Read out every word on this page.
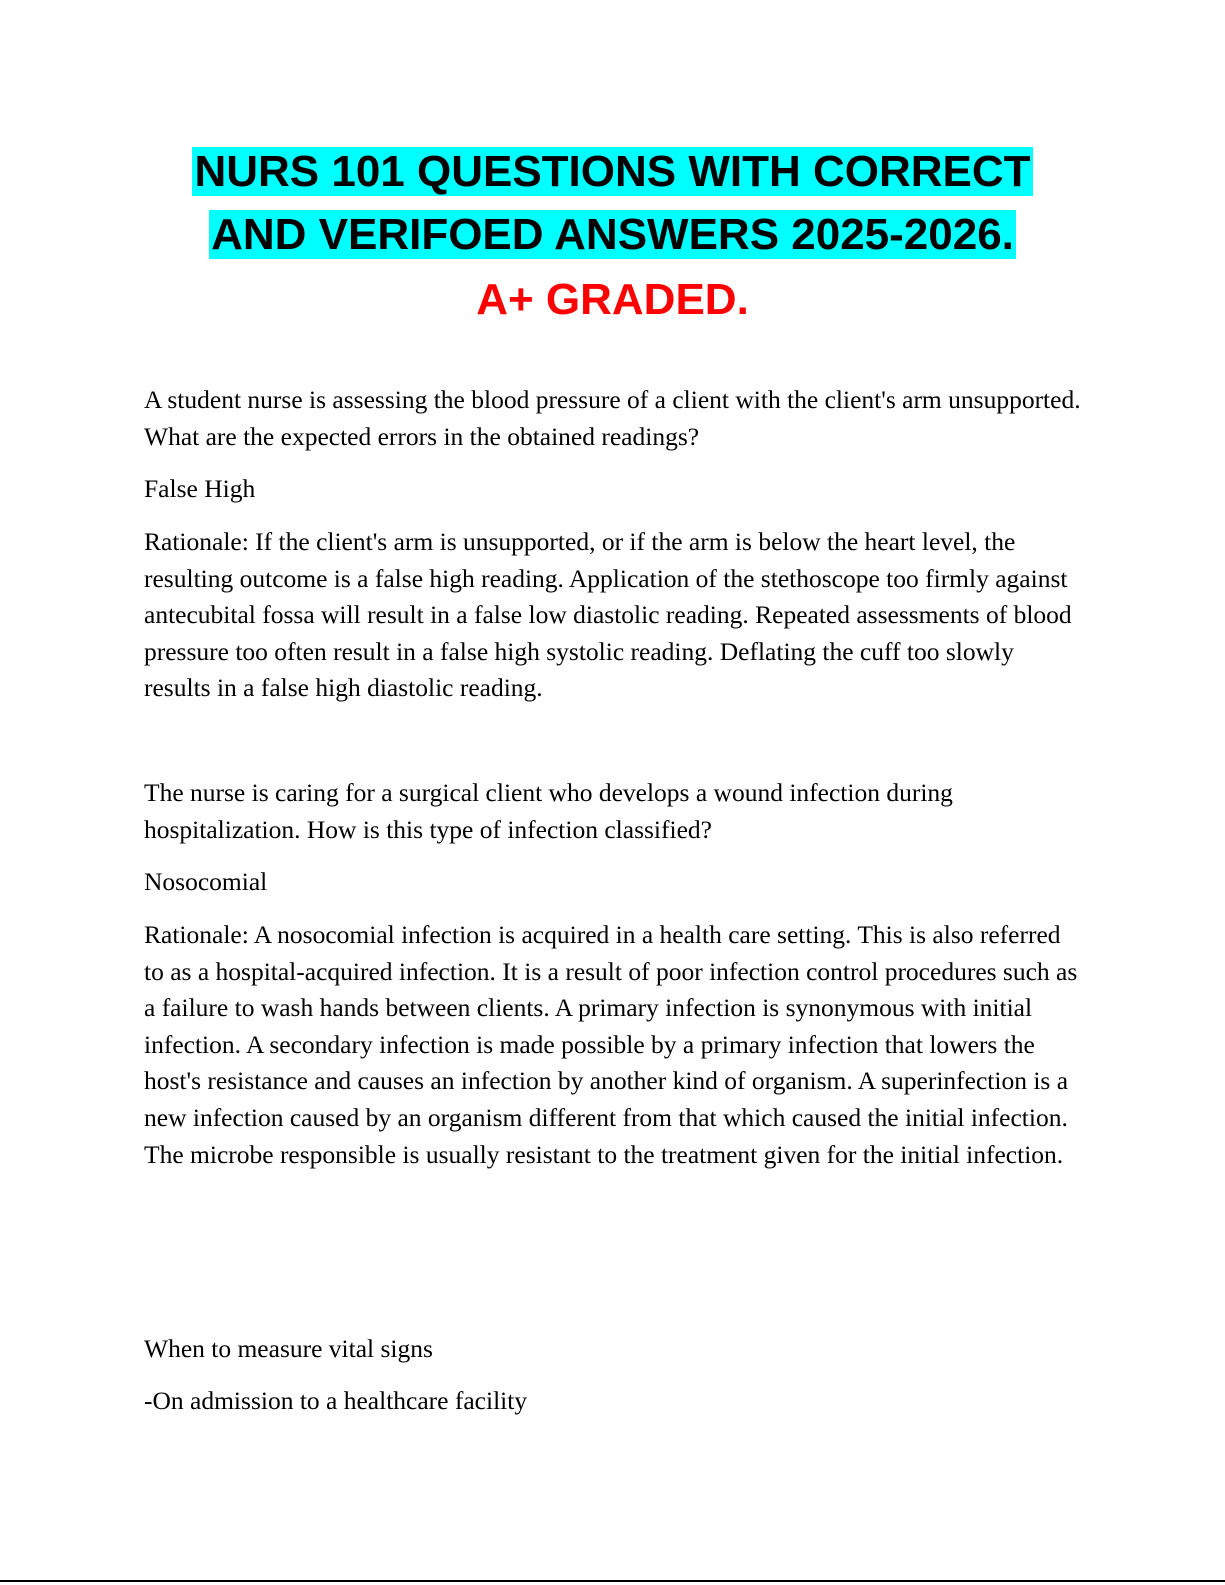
NURS 101 QUESTIONS WITH CORRECT
AND VERIFOED ANSWERS 2025-2026.
A+ GRADED.

A student nurse is assessing the blood pressure of a client with the client's arm unsupported. What are the expected errors in the obtained readings?

False High

Rationale: If the client's arm is unsupported, or if the arm is below the heart level, the resulting outcome is a false high reading. Application of the stethoscope too firmly against antecubital fossa will result in a false low diastolic reading. Repeated assessments of blood pressure too often result in a false high systolic reading. Deflating the cuff too slowly results in a false high diastolic reading.

The nurse is caring for a surgical client who develops a wound infection during hospitalization. How is this type of infection classified?

Nosocomial

Rationale: A nosocomial infection is acquired in a health care setting. This is also referred to as a hospital-acquired infection. It is a result of poor infection control procedures such as a failure to wash hands between clients. A primary infection is synonymous with initial infection. A secondary infection is made possible by a primary infection that lowers the host's resistance and causes an infection by another kind of organism. A superinfection is a new infection caused by an organism different from that which caused the initial infection. The microbe responsible is usually resistant to the treatment given for the initial infection.

When to measure vital signs

-On admission to a healthcare facility
